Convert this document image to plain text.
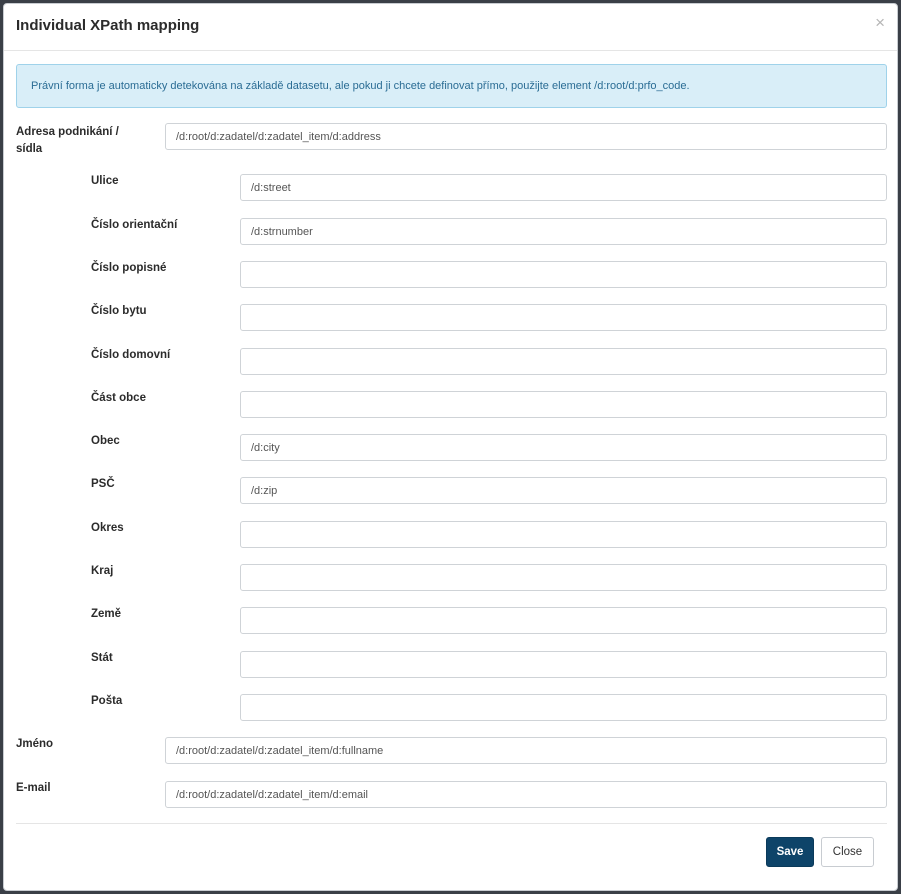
Individual XPath mapping	×
Právní forma je automaticky detekována na základě datasetu, ale pokud ji chcete definovat přímo, použijte element /d:root/d:prfo_code.
Adresa podnikání / sídla
/d:root/d:zadatel/d:zadatel_item/d:address
Ulice
/d:street
Číslo orientační
/d:strnumber
Číslo popisné
Číslo bytu
Číslo domovní
Část obce
Obec
/d:city
PSČ
/d:zip
Okres
Kraj
Země
Stát
Pošta
Jméno
/d:root/d:zadatel/d:zadatel_item/d:fullname
E-mail
/d:root/d:zadatel/d:zadatel_item/d:email
Save	Close
